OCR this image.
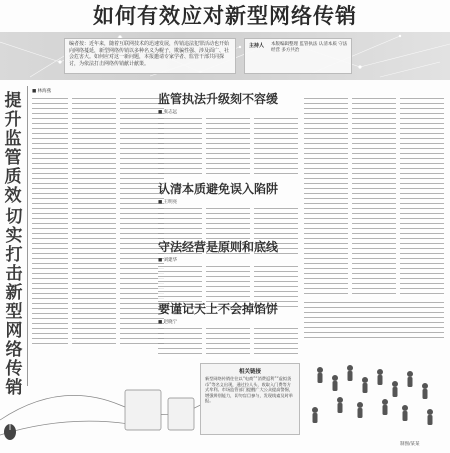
如何有效应对新型网络传销
编者按：近年来，随着互联网技术的迅速发展，传销违法犯罪活动也开始向网络蔓延，新型网络传销以多种名义为幌子，欺骗性强、涉及面广、社会危害大。如何应对这一新问题，本报邀请专家学者、监管干部共同探讨，为依法打击网络传销献计献策。
主持人 本版编辑整理 监管执法 认清本质 守法经营 多方共治
提升监管质效
切实打击新型网络传销
■ 林海燕
监管执法升级刻不容缓
■ 张志远
认清本质避免误入陷阱
■ 王明亮
守法经营是原则和底线
■ 刘建华
要谨记天上不会掉馅饼
■ 赵晓宁
相关链接
新型网络传销往往以“电商”“消费返利”“虚拟货币”等名义出现，通过拉人头、收取入门费等方式牟利。市场监管部门提醒广大公众提高警惕，增强辨别能力，切勿盲目参与，发现线索及时举报。
制图/某某
